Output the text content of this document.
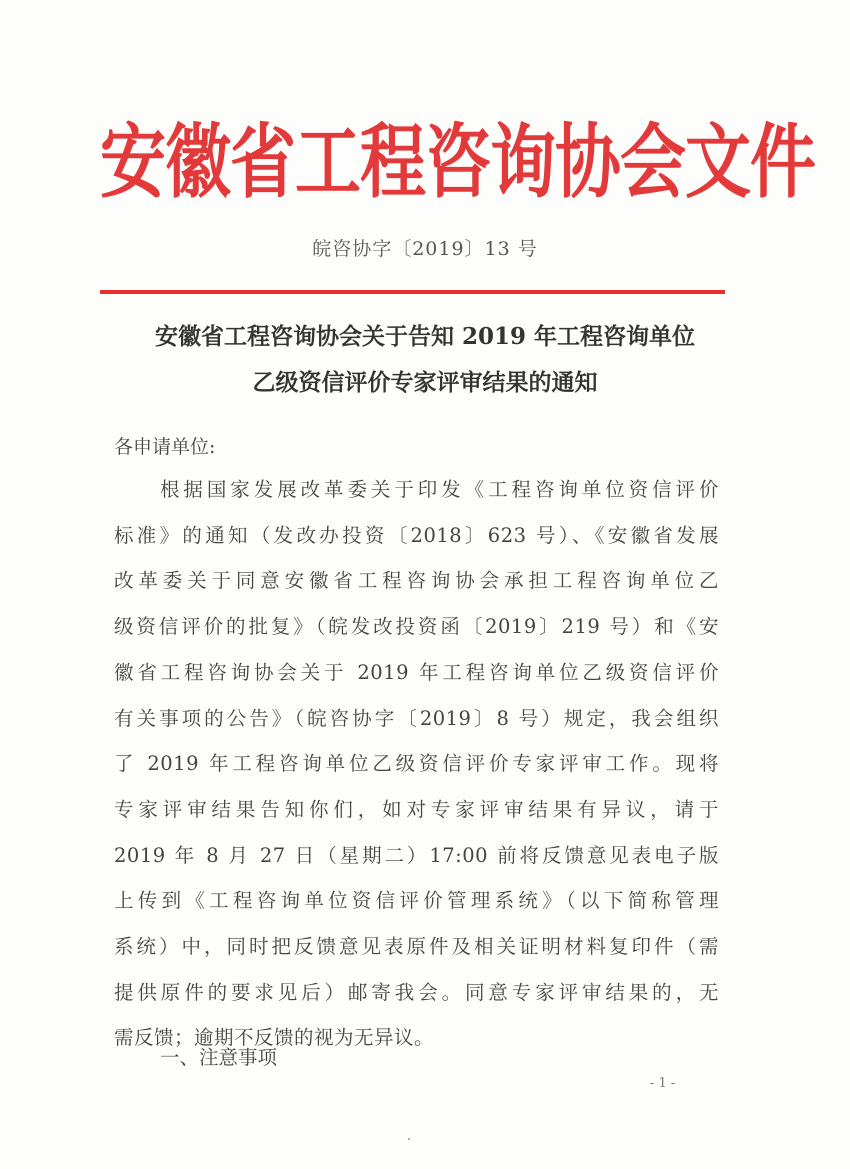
安徽省工程咨询协会文件
皖咨协字〔2019〕13 号
安徽省工程咨询协会关于告知 2019 年工程咨询单位
乙级资信评价专家评审结果的通知
各申请单位:
根据国家发展改革委关于印发《工程咨询单位资信评价
标准》的通知（发改办投资〔2018〕623 号）、《安徽省发展
改革委关于同意安徽省工程咨询协会承担工程咨询单位乙
级资信评价的批复》（皖发改投资函〔2019〕219 号）和《安
徽省工程咨询协会关于 2019 年工程咨询单位乙级资信评价
有关事项的公告》（皖咨协字〔2019〕8 号）规定，我会组织
了 2019 年工程咨询单位乙级资信评价专家评审工作。现将
专家评审结果告知你们，如对专家评审结果有异议，请于
2019 年 8 月 27 日（星期二）17:00 前将反馈意见表电子版
上传到《工程咨询单位资信评价管理系统》（以下简称管理
系统）中，同时把反馈意见表原件及相关证明材料复印件（需
提供原件的要求见后）邮寄我会。同意专家评审结果的，无
需反馈；逾期不反馈的视为无异议。
一、注意事项
- 1 -
